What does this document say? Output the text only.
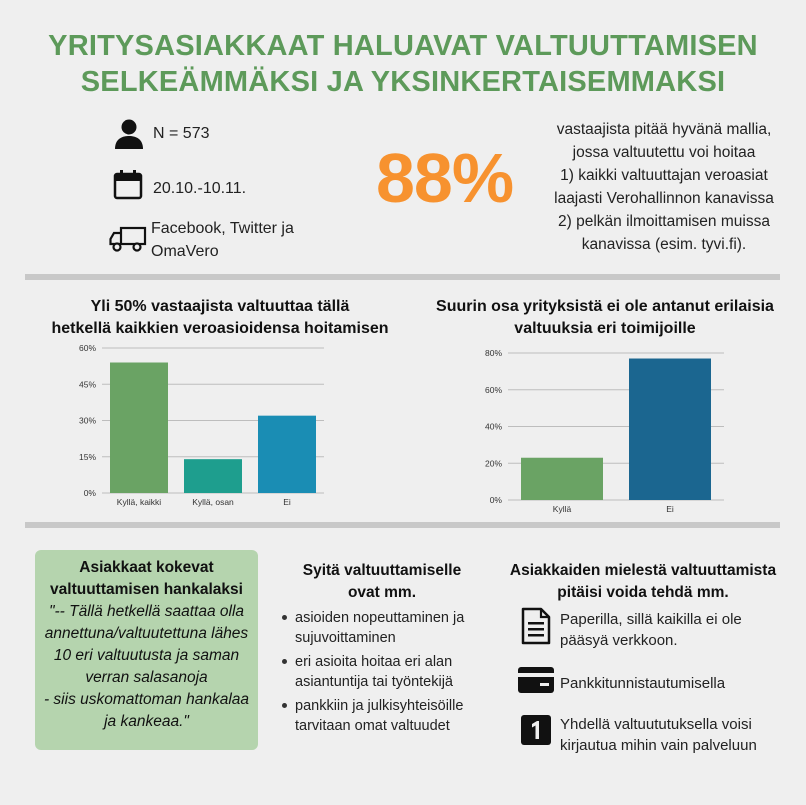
YRITYSASIAKKAAT HALUAVAT VALTUUTTAMISEN
SELKEÄMMÄKSI JA YKSINKERTAISEMMAKSI
N = 573
20.10.-10.11.
Facebook, Twitter ja
OmaVero
88%
vastaajista pitää hyvänä mallia,
jossa valtuutettu voi hoitaa
1) kaikki valtuuttajan veroasiat
laajasti Verohallinnon kanavissa
2) pelkän ilmoittamisen muissa
kanavissa (esim. tyvi.fi).
Yli 50% vastaajista valtuuttaa tällä
hetkellä kaikkien veroasioidensa hoitamisen
0%
15%
30%
45%
60%
Kyllä, kaikki	Kyllä, osan	Ei
Suurin osa yrityksistä ei ole antanut erilaisia
valtuuksia eri toimijoille
0%
20%
40%
60%
80%
Kyllä	Ei
Asiakkaat kokevat
valtuuttamisen hankalaksi
"-- Tällä hetkellä saattaa olla
annettuna/valtuutettuna lähes
10 eri valtuutusta ja saman
verran salasanoja
- siis uskomattoman hankalaa
ja kankeaa."
Syitä valtuuttamiselle
ovat mm.
asioiden nopeuttaminen ja sujuvoittaminen
eri asioita hoitaa eri alan asiantuntija tai työntekijä
pankkiin ja julkisyhteisöille tarvitaan omat valtuudet
Asiakkaiden mielestä valtuuttamista
pitäisi voida tehdä mm.
Paperilla, sillä kaikilla ei ole
pääsyä verkkoon.
Pankkitunnistautumisella
Yhdellä valtuututuksella voisi
kirjautua mihin vain palveluun
